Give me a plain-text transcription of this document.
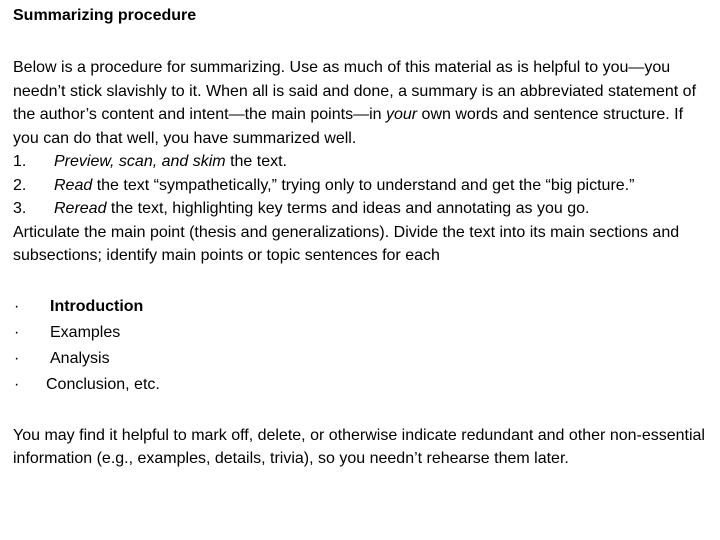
Summarizing procedure

Below is a procedure for summarizing. Use as much of this material as is helpful to you—you needn’t stick slavishly to it. When all is said and done, a summary is an abbreviated statement of the author’s content and intent—the main points—in your own words and sentence structure. If you can do that well, you have summarized well.

1. Preview, scan, and skim the text.
2. Read the text “sympathetically,” trying only to understand and get the “big picture.”
3. Reread the text, highlighting key terms and ideas and annotating as you go.

Articulate the main point (thesis and generalizations). Divide the text into its main sections and subsections; identify main points or topic sentences for each

· Introduction
· Examples
· Analysis
· Conclusion, etc.

You may find it helpful to mark off, delete, or otherwise indicate redundant and other non-essential information (e.g., examples, details, trivia), so you needn’t rehearse them later.
